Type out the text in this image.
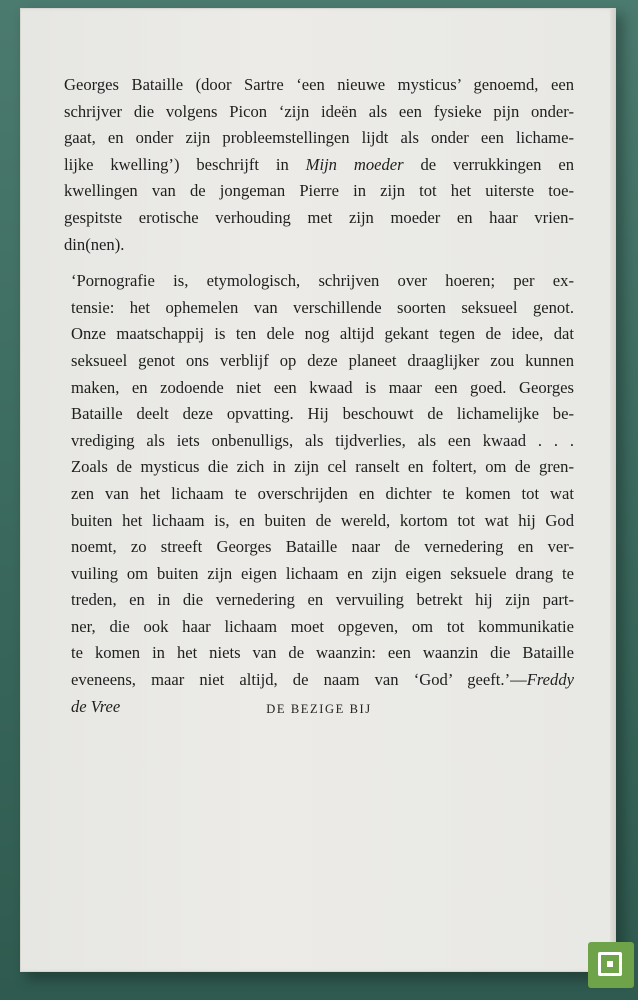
Georges Bataille (door Sartre ‘een nieuwe mysticus’ genoemd, een
schrijver die volgens Picon ‘zijn ideën als een fysieke pijn onder-
gaat, en onder zijn probleemstellingen lijdt als onder een lichame-
lijke kwelling’) beschrijft in Mijn moeder de verrukkingen en
kwellingen van de jongeman Pierre in zijn tot het uiterste toe-
gespitste erotische verhouding met zijn moeder en haar vrien-
din(nen).

‘Pornografie is, etymologisch, schrijven over hoeren; per ex-
tensie: het ophemelen van verschillende soorten seksueel genot.
Onze maatschappij is ten dele nog altijd gekant tegen de idee, dat
seksueel genot ons verblijf op deze planeet draaglijker zou kunnen
maken, en zodoende niet een kwaad is maar een goed. Georges
Bataille deelt deze opvatting. Hij beschouwt de lichamelijke be-
vrediging als iets onbenulligs, als tijdverlies, als een kwaad . . .
Zoals de mysticus die zich in zijn cel ranselt en foltert, om de gren-
zen van het lichaam te overschrijden en dichter te komen tot wat
buiten het lichaam is, en buiten de wereld, kortom tot wat hij God
noemt, zo streeft Georges Bataille naar de vernedering en ver-
vuiling om buiten zijn eigen lichaam en zijn eigen seksuele drang te
treden, en in die vernedering en vervuiling betrekt hij zijn part-
ner, die ook haar lichaam moet opgeven, om tot kommunikatie
te komen in het niets van de waanzin: een waanzin die Bataille
eveneens, maar niet altijd, de naam van ‘God’ geeft.’—Freddy
de Vree	DE BEZIGE BIJ
